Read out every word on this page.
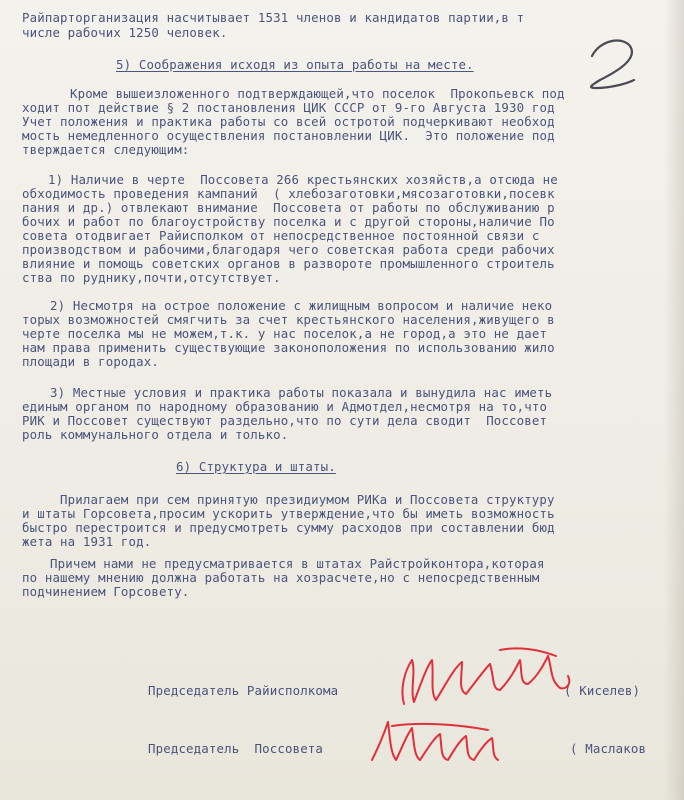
Райпарторганизация насчитывает 1531 членов и кандидатов партии,в т
числе рабочих 1250 человек.
5) Соображения исходя из опыта работы на месте.
Кроме вышеизложенного подтверждающей,что поселок  Прокопьевск под
ходит пот действие § 2 постановления ЦИК СССР от 9-го Августа 1930 год
Учет положения и практика работы со всей остротой подчеркивают необход
мость немедленного осуществления постановлении ЦИК.  Это положение под
тверждается следующим:
1) Наличие в черте  Поссовета 266 крестьянских хозяйств,а отсюда не
обходимость проведения кампаний  ( хлебозаготовки,мясозаготовки,посевк
пания и др.) отвлекают внимание  Поссовета от работы по обслуживанию р
бочих и работ по благоустройству поселка и с другой стороны,наличие По
совета отодвигает Райисполком от непосредственное постоянной связи с
производством и рабочими,благодаря чего советская работа среди рабочих
влияние и помощь советских органов в развороте промышленного строитель
ства по руднику,почти,отсутствует.
2) Несмотря на острое положение с жилищным вопросом и наличие неко
торых возможностей смягчить за счет крестьянского населения,живущего в
черте поселка мы не можем,т.к. у нас поселок,а не город,а это не дает
нам права применить существующие законоположения по использованию жило
площади в городах.
3) Местные условия и практика работы показала и вынудила нас иметь
единым органом по народному образованию и Адмотдел,несмотря на то,что
РИК и Поссовет существуют раздельно,что по сути дела сводит  Поссовет
роль коммунального отдела и только.
6) Структура и штаты.
Прилагаем при сем принятую президиумом РИКа и Поссовета структуру
и штаты Горсовета,просим ускорить утверждение,что бы иметь возможность
быстро перестроится и предусмотреть сумму расходов при составлении бюд
жета на 1931 год.
Причем нами не предусматривается в штатах Райстройконтора,которая
по нашему мнению должна работать на хозрасчете,но с непосредственным
подчинением Горсовету.
Председатель Райисполкома	( Киселев)
Председатель  Поссовета	( Маслаков
